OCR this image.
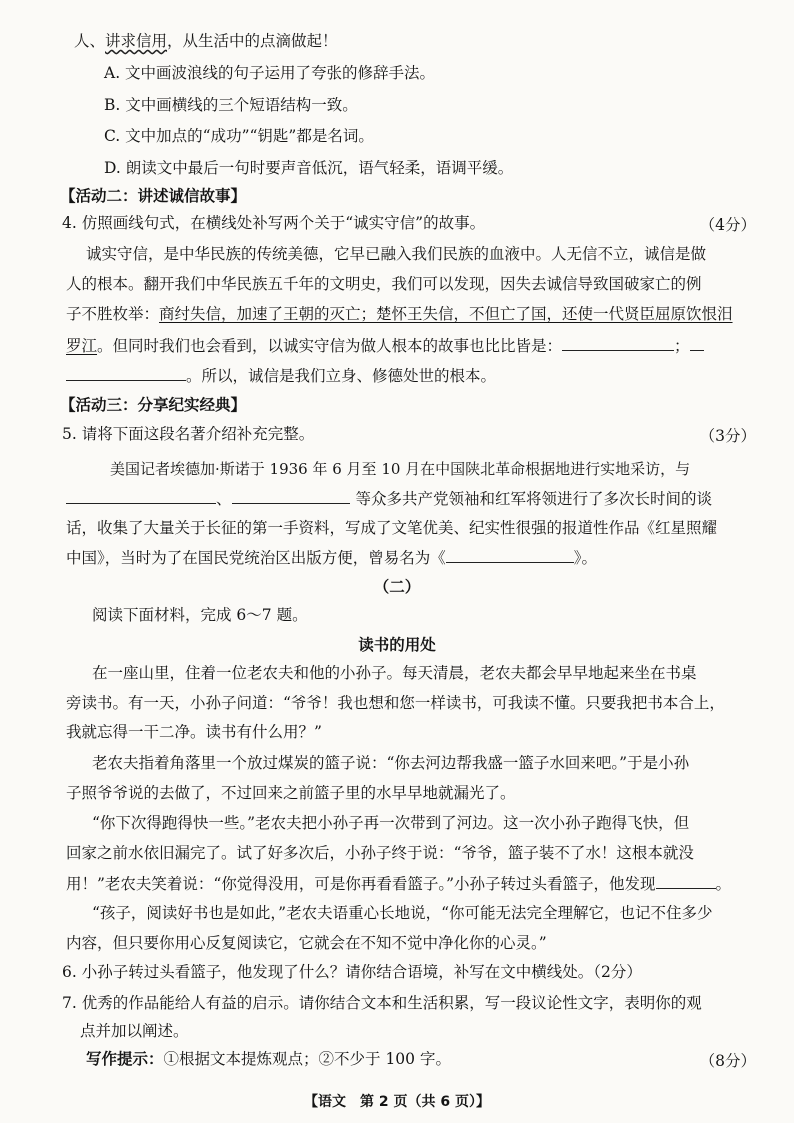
人、讲求信用，从生活中的点滴做起！
A. 文中画波浪线的句子运用了夸张的修辞手法。
B. 文中画横线的三个短语结构一致。
C. 文中加点的“成功”“钥匙”都是名词。
D. 朗读文中最后一句时要声音低沉，语气轻柔，语调平缓。
【活动二：讲述诚信故事】
4. 仿照画线句式，在横线处补写两个关于“诚实守信”的故事。	（4分）
诚实守信，是中华民族的传统美德，它早已融入我们民族的血液中。人无信不立，诚信是做
人的根本。翻开我们中华民族五千年的文明史，我们可以发现，因失去诚信导致国破家亡的例
子不胜枚举：商纣失信，加速了王朝的灭亡；楚怀王失信，不但亡了国，还使一代贤臣屈原饮恨汨
罗江。但同时我们也会看到，以诚实守信为做人根本的故事也比比皆是：	；
。所以，诚信是我们立身、修德处世的根本。
【活动三：分享纪实经典】
5. 请将下面这段名著介绍补充完整。	（3分）
美国记者埃德加·斯诺于 1936 年 6 月至 10 月在中国陕北革命根据地进行实地采访，与
、	等众多共产党领袖和红军将领进行了多次长时间的谈
话，收集了大量关于长征的第一手资料，写成了文笔优美、纪实性很强的报道性作品《红星照耀
中国》，当时为了在国民党统治区出版方便，曾易名为《	》。
（二）
阅读下面材料，完成 6～7 题。
读书的用处
在一座山里，住着一位老农夫和他的小孙子。每天清晨，老农夫都会早早地起来坐在书桌
旁读书。有一天，小孙子问道：“爷爷！我也想和您一样读书，可我读不懂。只要我把书本合上，
我就忘得一干二净。读书有什么用？”
老农夫指着角落里一个放过煤炭的篮子说：“你去河边帮我盛一篮子水回来吧。”于是小孙
子照爷爷说的去做了，不过回来之前篮子里的水早早地就漏光了。
“你下次得跑得快一些。”老农夫把小孙子再一次带到了河边。这一次小孙子跑得飞快，但
回家之前水依旧漏完了。试了好多次后，小孙子终于说：“爷爷，篮子装不了水！这根本就没
用！”老农夫笑着说：“你觉得没用，可是你再看看篮子。”小孙子转过头看篮子，他发现	。
“孩子，阅读好书也是如此，”老农夫语重心长地说，“你可能无法完全理解它，也记不住多少
内容，但只要你用心反复阅读它，它就会在不知不觉中净化你的心灵。”
6. 小孙子转过头看篮子，他发现了什么？请你结合语境，补写在文中横线处。（2分）
7. 优秀的作品能给人有益的启示。请你结合文本和生活积累，写一段议论性文字，表明你的观
点并加以阐述。
写作提示：①根据文本提炼观点；②不少于 100 字。	（8分）
【语文　第 2 页（共 6 页）】
